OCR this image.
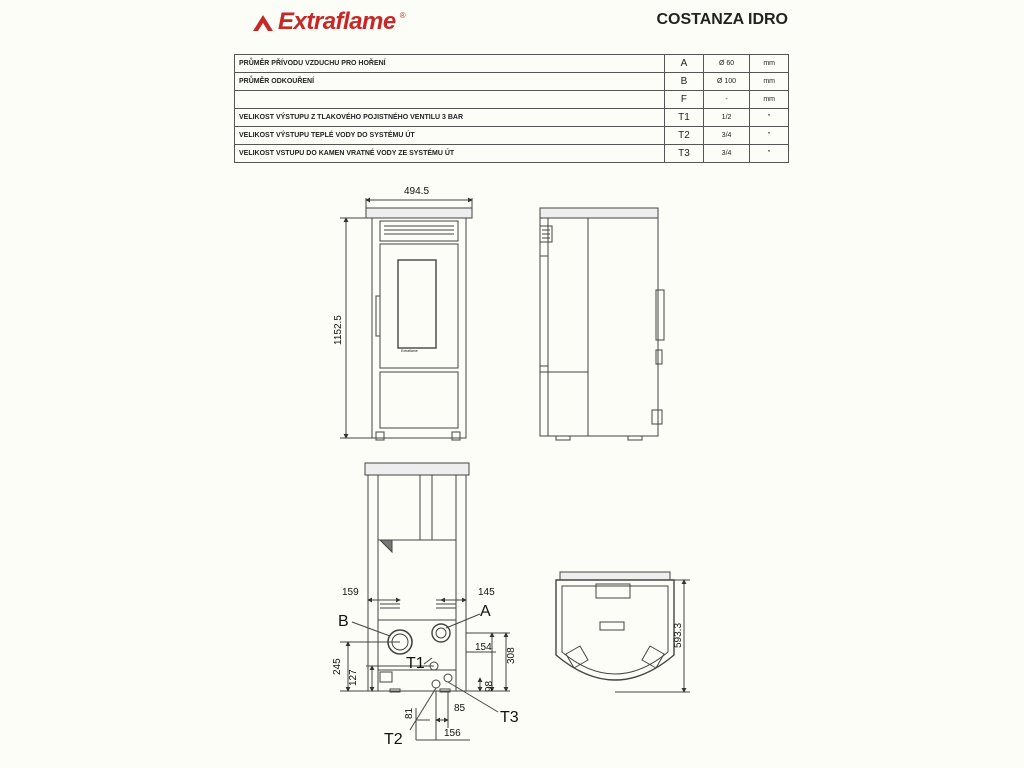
Extraflame ®	COSTANZA IDRO
PRŮMĚR PŘÍVODU VZDUCHU PRO HOŘENÍ	A	Ø 60	mm
PRŮMĚR ODKOUŘENÍ	B	Ø 100	mm
	F	-	mm
VELIKOST VÝSTUPU Z TLAKOVÉHO POJISTNÉHO VENTILU 3 BAR	T1	1/2	"
VELIKOST VÝSTUPU TEPLÉ VODY DO SYSTÉMU ÚT	T2	3/4	"
VELIKOST VSTUPU DO KAMEN VRATNÉ VODY ZE SYSTÉMU ÚT	T3	3/4	"
494.5
1152.5
Extraflame
159	145
154 308
245
127
98
85
81
156
593.3
B
A
T1
T2
T3
